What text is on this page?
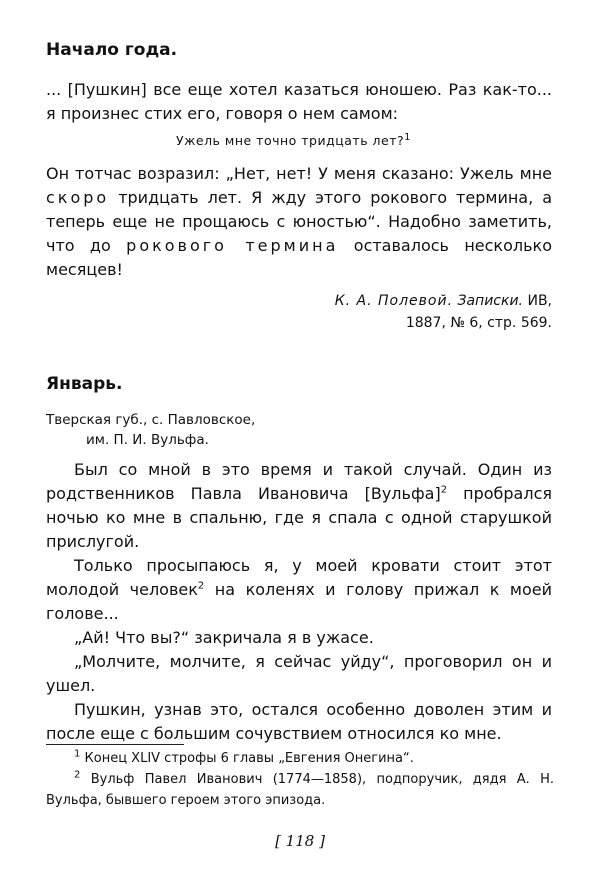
Начало года.

... [Пушкин] все еще хотел казаться юношею. Раз как-то... я произнес стих его, говоря о нем самом:

Ужель мне точно тридцать лет?$^1$

Он тотчас возразил: „Нет, нет! У меня сказано: Ужель мне скоро тридцать лет. Я жду этого рокового термина, а теперь еще не прощаюсь с юностью“. Надобно заметить, что до рокового термина оставалось несколько месяцев!

К. А. Полевой. Записки. ИВ,
1887, № 6, стр. 569.
Январь.
Тверская губ., с. Павловское,
им. П. И. Вульфа.

Был со мной в это время и такой случай. Один из родственников Павла Ивановича [Вульфа]$^2$ пробрался ночью ко мне в спальню, где я спала с одной старушкой прислугой.

Только просыпаюсь я, у моей кровати стоит этот молодой человек$^2$ на коленях и голову прижал к моей голове...

„Ай! Что вы?“ закричала я в ужасе.

„Молчите, молчите, я сейчас уйду“, проговорил он и ушел.

Пушкин, узнав это, остался особенно доволен этим и после еще с большим сочувствием относился ко мне.

$^1$ Конец XLIV строфы 6 главы „Евгения Онегина“.

$^2$ Вульф Павел Иванович (1774—1858), подпоручик, дядя А. Н. Вульфа, бывшего героем этого эпизода.

[ 118 ]
